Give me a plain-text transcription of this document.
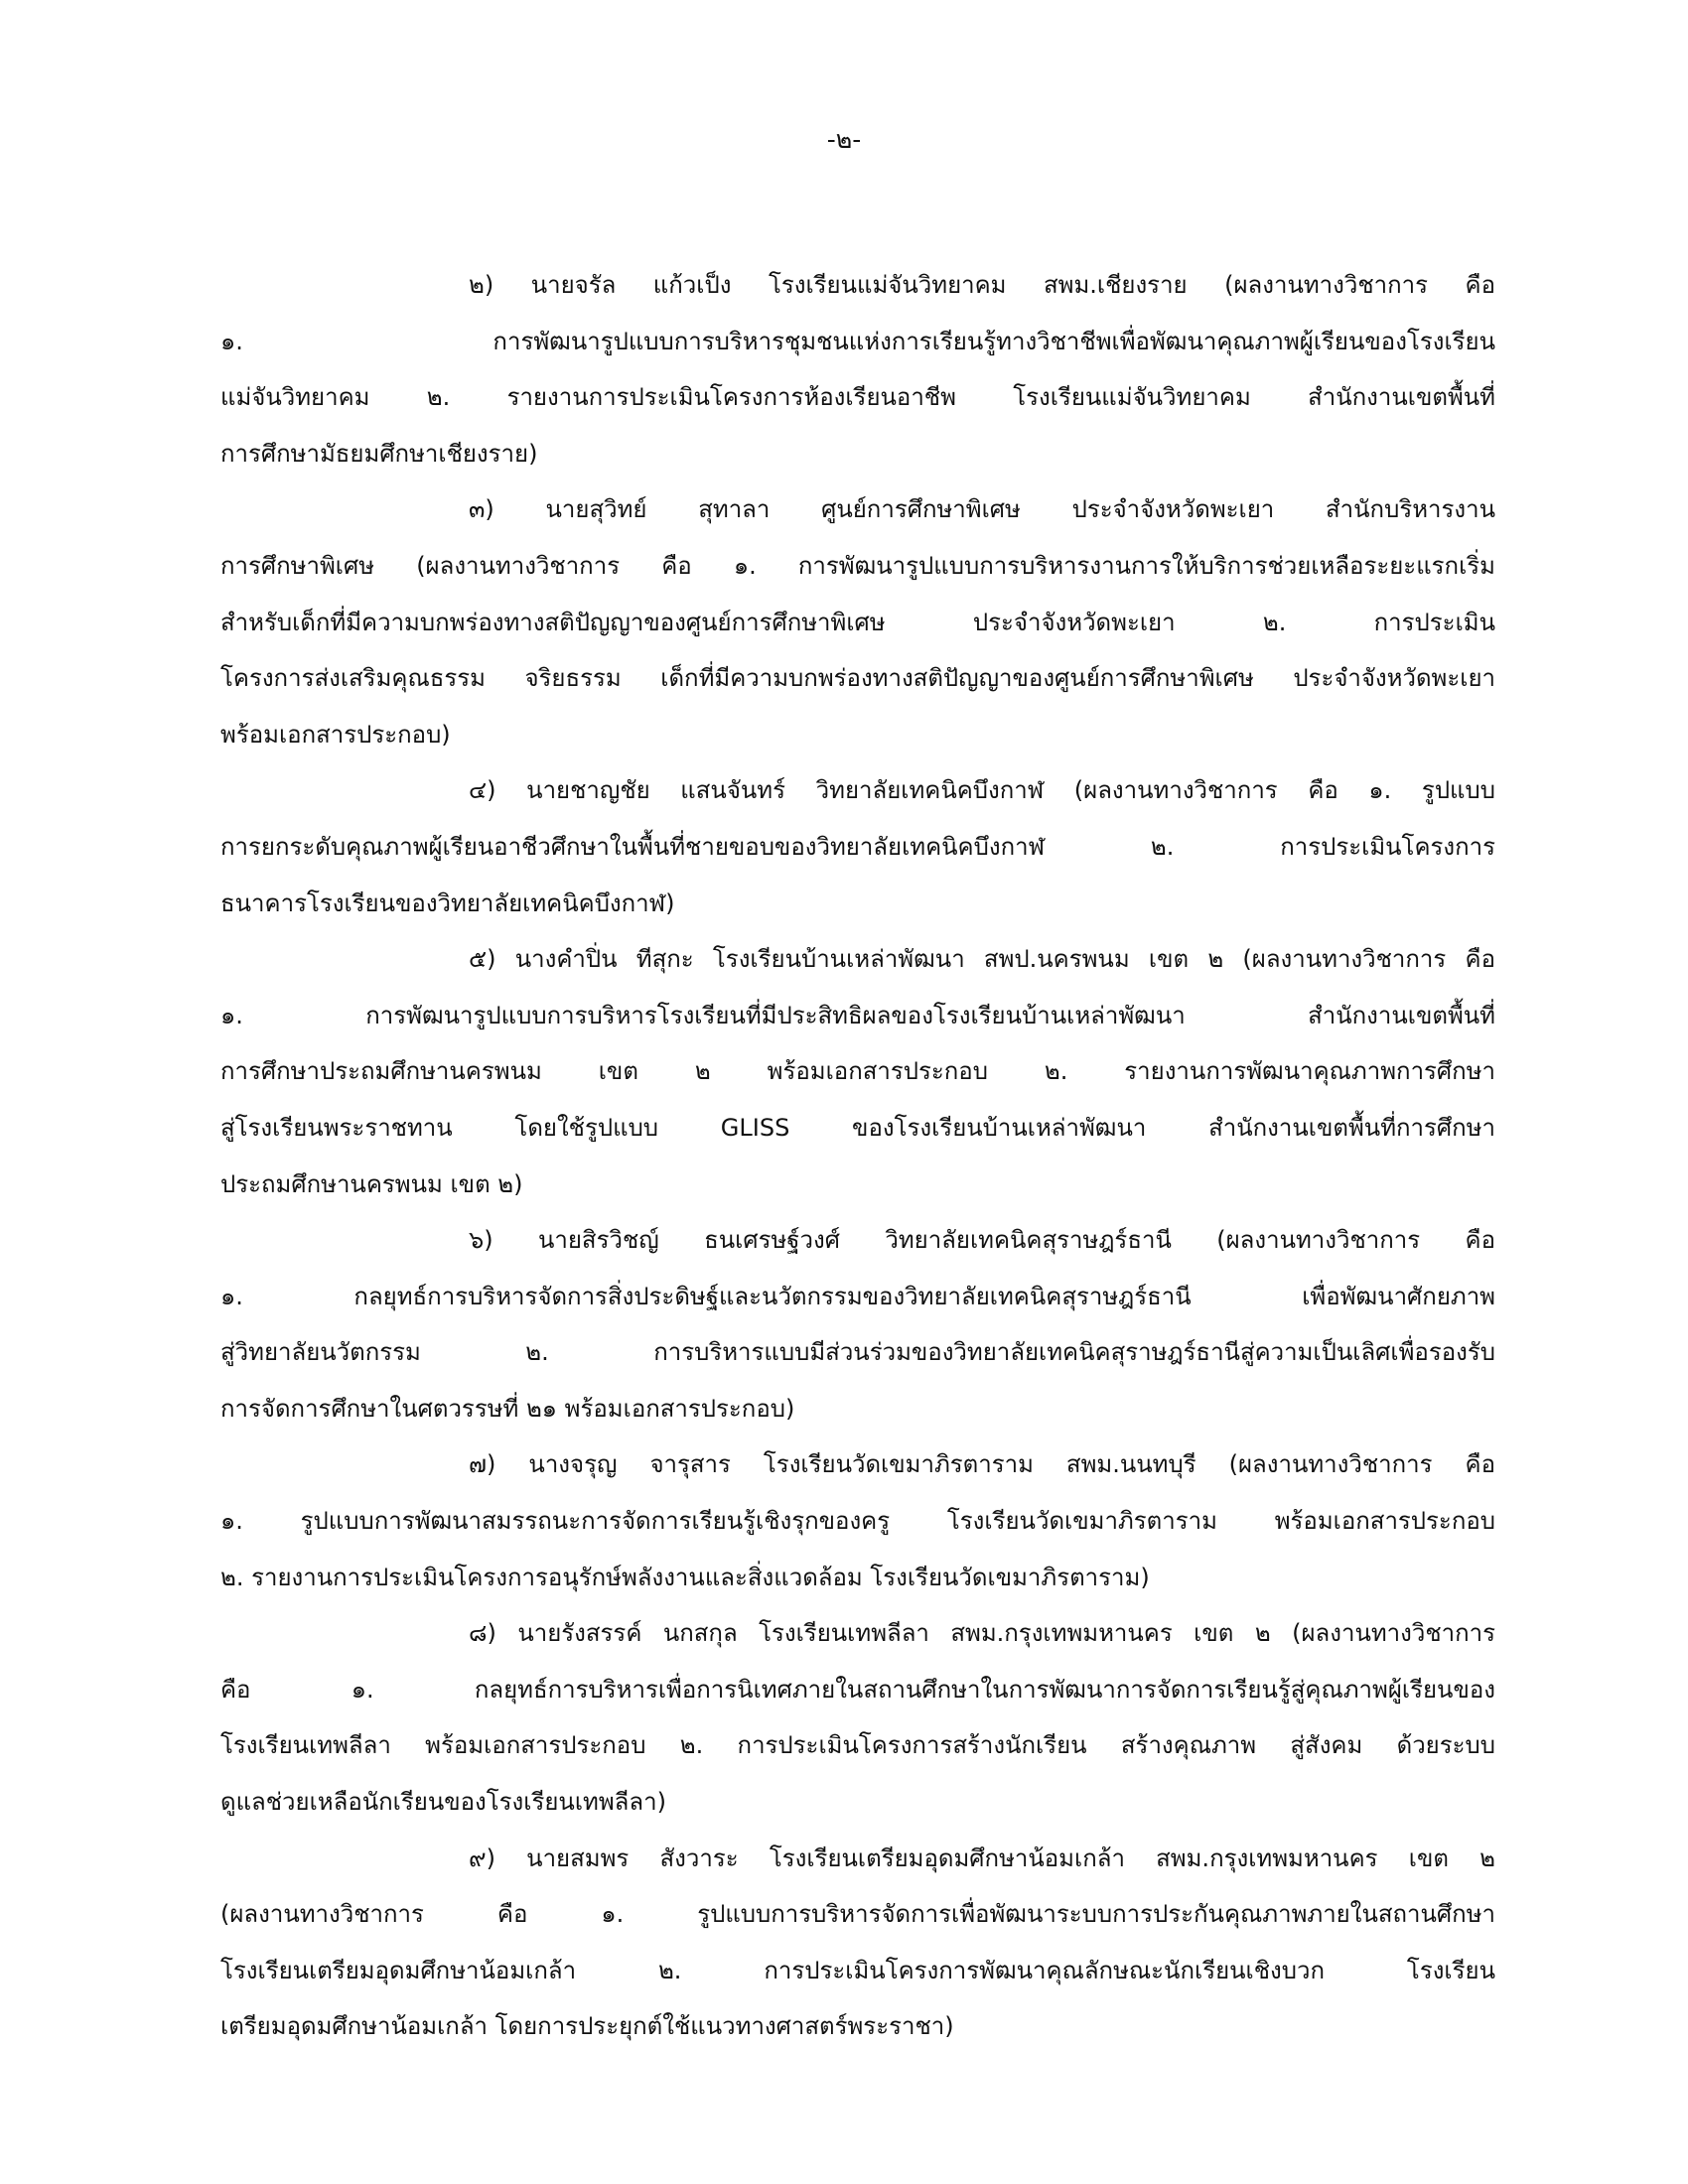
-๒-

๒) นายจรัล แก้วเป็ง โรงเรียนแม่จันวิทยาคม สพม.เชียงราย (ผลงานทางวิชาการ คือ
๑. การพัฒนารูปแบบการบริหารชุมชนแห่งการเรียนรู้ทางวิชาชีพเพื่อพัฒนาคุณภาพผู้เรียนของโรงเรียน
แม่จันวิทยาคม ๒. รายงานการประเมินโครงการห้องเรียนอาชีพ โรงเรียนแม่จันวิทยาคม สำนักงานเขตพื้นที่
การศึกษามัธยมศึกษาเชียงราย)
๓) นายสุวิทย์ สุทาลา ศูนย์การศึกษาพิเศษ ประจำจังหวัดพะเยา สำนักบริหารงาน
การศึกษาพิเศษ (ผลงานทางวิชาการ คือ ๑. การพัฒนารูปแบบการบริหารงานการให้บริการช่วยเหลือระยะแรกเริ่ม
สำหรับเด็กที่มีความบกพร่องทางสติปัญญาของศูนย์การศึกษาพิเศษ ประจำจังหวัดพะเยา ๒. การประเมิน
โครงการส่งเสริมคุณธรรม จริยธรรม เด็กที่มีความบกพร่องทางสติปัญญาของศูนย์การศึกษาพิเศษ ประจำจังหวัดพะเยา
พร้อมเอกสารประกอบ)
๔) นายชาญชัย แสนจันทร์ วิทยาลัยเทคนิคบึงกาฬ (ผลงานทางวิชาการ คือ ๑. รูปแบบ
การยกระดับคุณภาพผู้เรียนอาชีวศึกษาในพื้นที่ชายขอบของวิทยาลัยเทคนิคบึงกาฬ ๒. การประเมินโครงการ
ธนาคารโรงเรียนของวิทยาลัยเทคนิคบึงกาฬ)
๕) นางคำปิ่น ทีสุกะ โรงเรียนบ้านเหล่าพัฒนา สพป.นครพนม เขต ๒ (ผลงานทางวิชาการ คือ
๑. การพัฒนารูปแบบการบริหารโรงเรียนที่มีประสิทธิผลของโรงเรียนบ้านเหล่าพัฒนา สำนักงานเขตพื้นที่
การศึกษาประถมศึกษานครพนม เขต ๒ พร้อมเอกสารประกอบ ๒. รายงานการพัฒนาคุณภาพการศึกษา
สู่โรงเรียนพระราชทาน โดยใช้รูปแบบ GLISS ของโรงเรียนบ้านเหล่าพัฒนา สำนักงานเขตพื้นที่การศึกษา
ประถมศึกษานครพนม เขต ๒)
๖) นายสิรวิชญ์ ธนเศรษฐ์วงศ์ วิทยาลัยเทคนิคสุราษฎร์ธานี (ผลงานทางวิชาการ คือ
๑. กลยุทธ์การบริหารจัดการสิ่งประดิษฐ์และนวัตกรรมของวิทยาลัยเทคนิคสุราษฎร์ธานี เพื่อพัฒนาศักยภาพ
สู่วิทยาลัยนวัตกรรม ๒. การบริหารแบบมีส่วนร่วมของวิทยาลัยเทคนิคสุราษฎร์ธานีสู่ความเป็นเลิศเพื่อรองรับ
การจัดการศึกษาในศตวรรษที่ ๒๑ พร้อมเอกสารประกอบ)
๗) นางจรุญ จารุสาร โรงเรียนวัดเขมาภิรตาราม สพม.นนทบุรี (ผลงานทางวิชาการ คือ
๑. รูปแบบการพัฒนาสมรรถนะการจัดการเรียนรู้เชิงรุกของครู โรงเรียนวัดเขมาภิรตาราม พร้อมเอกสารประกอบ
๒. รายงานการประเมินโครงการอนุรักษ์พลังงานและสิ่งแวดล้อม โรงเรียนวัดเขมาภิรตาราม)
๘) นายรังสรรค์ นกสกุล โรงเรียนเทพลีลา สพม.กรุงเทพมหานคร เขต ๒ (ผลงานทางวิชาการ
คือ ๑. กลยุทธ์การบริหารเพื่อการนิเทศภายในสถานศึกษาในการพัฒนาการจัดการเรียนรู้สู่คุณภาพผู้เรียนของ
โรงเรียนเทพลีลา พร้อมเอกสารประกอบ ๒. การประเมินโครงการสร้างนักเรียน สร้างคุณภาพ สู่สังคม ด้วยระบบ
ดูแลช่วยเหลือนักเรียนของโรงเรียนเทพลีลา)
๙) นายสมพร สังวาระ โรงเรียนเตรียมอุดมศึกษาน้อมเกล้า สพม.กรุงเทพมหานคร เขต ๒
(ผลงานทางวิชาการ คือ ๑. รูปแบบการบริหารจัดการเพื่อพัฒนาระบบการประกันคุณภาพภายในสถานศึกษา
โรงเรียนเตรียมอุดมศึกษาน้อมเกล้า ๒. การประเมินโครงการพัฒนาคุณลักษณะนักเรียนเชิงบวก โรงเรียน
เตรียมอุดมศึกษาน้อมเกล้า โดยการประยุกต์ใช้แนวทางศาสตร์พระราชา)
